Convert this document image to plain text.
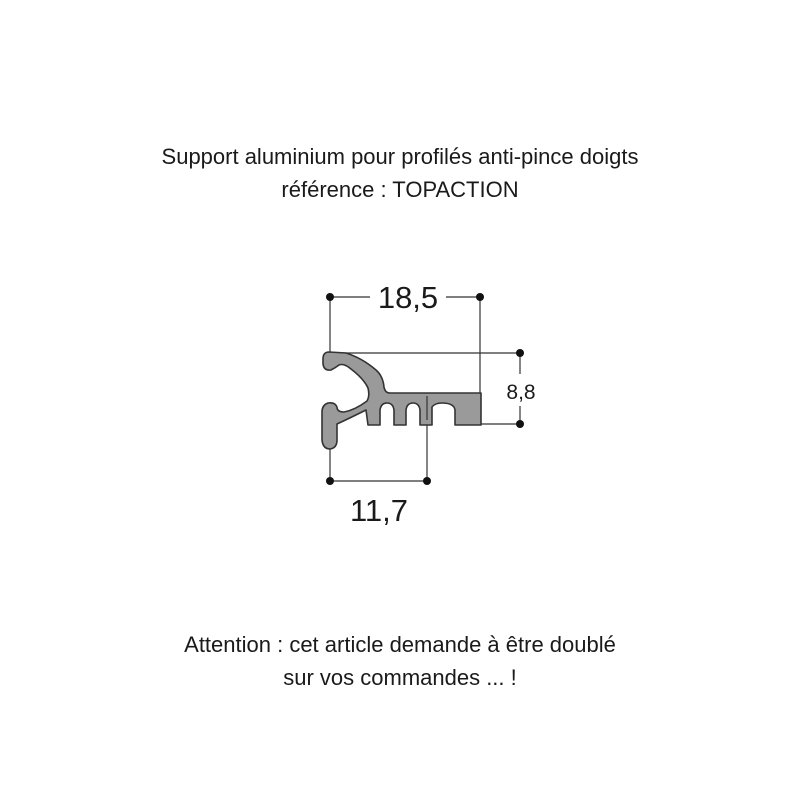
Support aluminium pour profilés anti-pince doigts
référence : TOPACTION
18,5
8,8
11,7
Attention : cet article demande à être doublé
sur vos commandes ... !
